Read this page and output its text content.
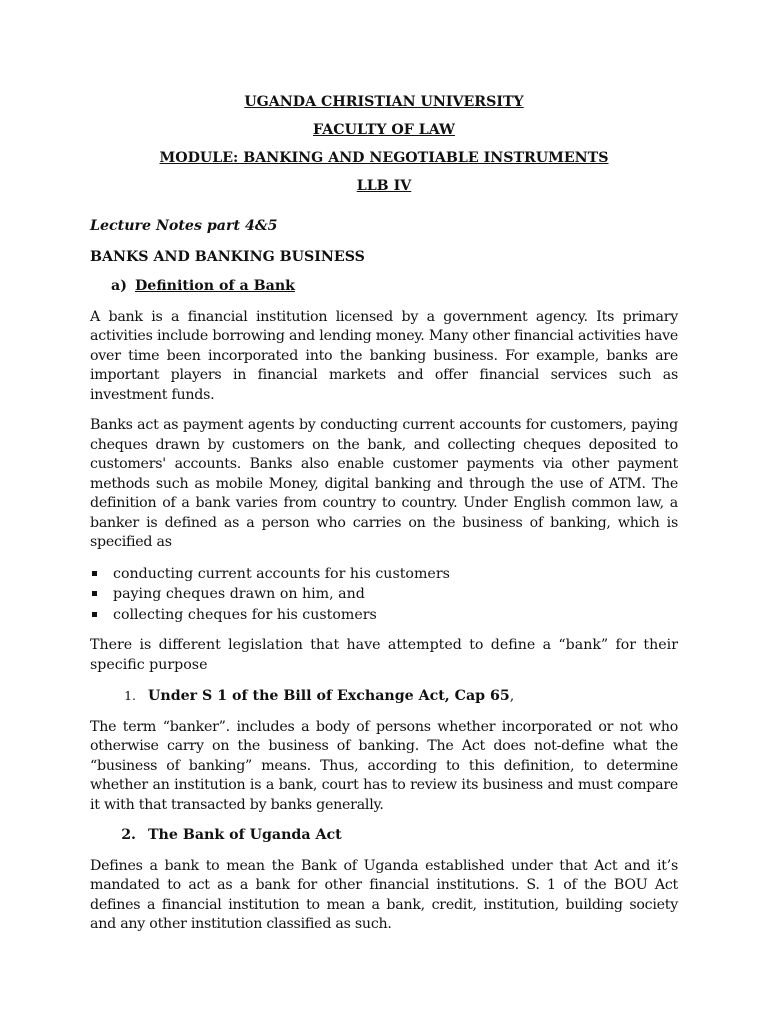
UGANDA CHRISTIAN UNIVERSITY
FACULTY OF LAW
MODULE: BANKING AND NEGOTIABLE INSTRUMENTS
LLB IV
Lecture Notes part 4&5
BANKS AND BANKING BUSINESS
a) Definition of a Bank

A bank is a financial institution licensed by a government agency. Its primary activities include borrowing and lending money. Many other financial activities have over time been incorporated into the banking business. For example, banks are important players in financial markets and offer financial services such as investment funds.

Banks act as payment agents by conducting current accounts for customers, paying cheques drawn by customers on the bank, and collecting cheques deposited to customers' accounts. Banks also enable customer payments via other payment methods such as mobile Money, digital banking and through the use of ATM. The definition of a bank varies from country to country. Under English common law, a banker is defined as a person who carries on the business of banking, which is specified as

conducting current accounts for his customers
paying cheques drawn on him, and
collecting cheques for his customers

There is different legislation that have attempted to define a “bank” for their specific purpose

1. Under S 1 of the Bill of Exchange Act, Cap 65,

The term “banker”. includes a body of persons whether incorporated or not who otherwise carry on the business of banking. The Act does not-define what the “business of banking” means. Thus, according to this definition, to determine whether an institution is a bank, court has to review its business and must compare it with that transacted by banks generally.

2. The Bank of Uganda Act

Defines a bank to mean the Bank of Uganda established under that Act and it’s mandated to act as a bank for other financial institutions. S. 1 of the BOU Act defines a financial institution to mean a bank, credit, institution, building society and any other institution classified as such.
